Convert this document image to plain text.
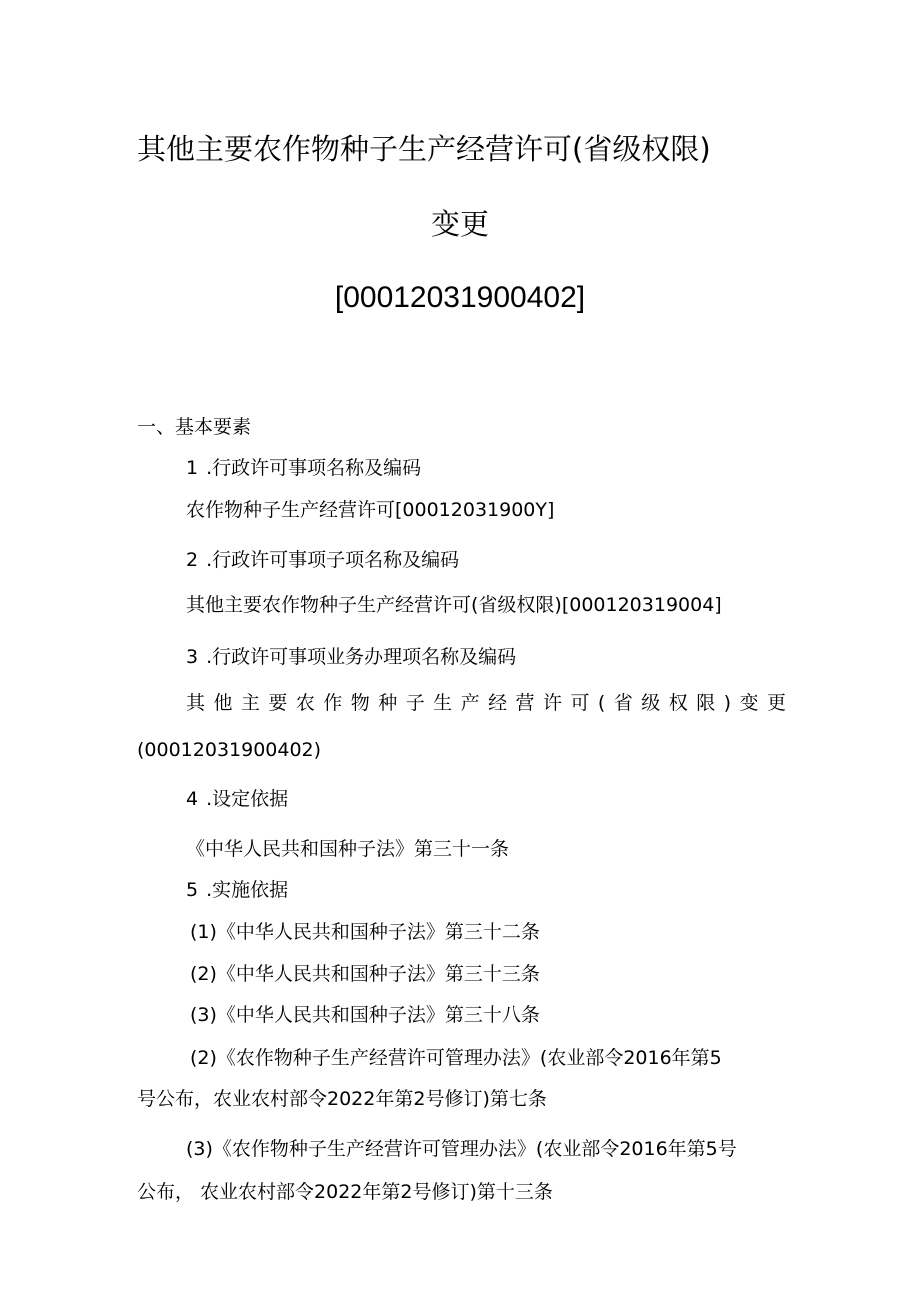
其他主要农作物种子生产经营许可(省级权限)
变更
[00012031900402]
一、基本要素
1 .行政许可事项名称及编码
农作物种子生产经营许可[00012031900Y]
2 .行政许可事项子项名称及编码
其他主要农作物种子生产经营许可(省级权限)[000120319004]
3 .行政许可事项业务办理项名称及编码
其他主要农作物种子生产经营许可(省级权限)变更
(00012031900402)
4 .设定依据
《中华人民共和国种子法》第三十一条
5 .实施依据
(1)《中华人民共和国种子法》第三十二条
(2)《中华人民共和国种子法》第三十三条
(3)《中华人民共和国种子法》第三十八条
(2)《农作物种子生产经营许可管理办法》(农业部令2016年第5
号公布，农业农村部令2022年第2号修订)第七条
(3)《农作物种子生产经营许可管理办法》(农业部令2016年第5号
公布， 农业农村部令2022年第2号修订)第十三条
